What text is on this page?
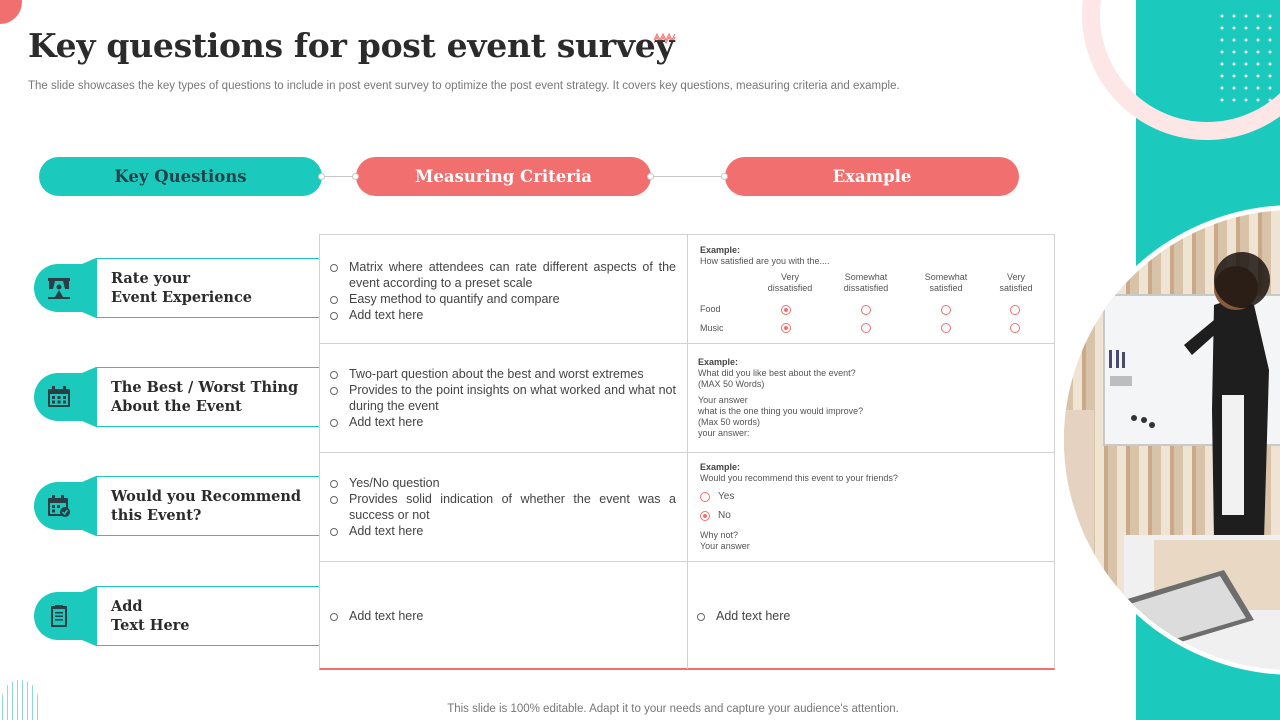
Key questions for post event survey

The slide showcases the key types of questions to include in post event survey to optimize the post event strategy. It covers key questions, measuring criteria and example.

Key Questions	Measuring Criteria	Example
Rate your
Event Experience
The Best / Worst Thing
About the Event
Would you Recommend
this Event?
Add
Text Here
Matrix where attendees can rate different aspects of the event according to a preset scale
Easy method to quantify and compare
Add text here
Two-part question about the best and worst extremes
Provides to the point insights on what worked and what not during the event
Add text here
Yes/No question
Provides solid indication of whether the event was a success or not
Add text here
Add text here
Example:
How satisfied are you with the....
Very
dissatisfied
Somewhat
dissatisfied
Somewhat
satisfied
Very
satisfied
Food
Music
Example:
What did you like best about the event?
(MAX 50 Words)
Your answer
what is the one thing you would improve?
(Max 50 words)
your answer:
Example:
Would you recommend this event to your friends?
Yes
No
Why not?
Your answer
Add text here
This slide is 100% editable. Adapt it to your needs and capture your audience's attention.
